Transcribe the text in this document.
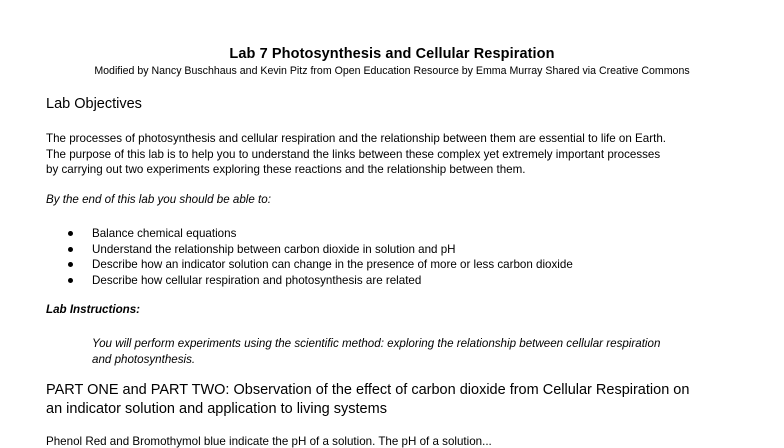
Lab 7 Photosynthesis and Cellular Respiration
Modified by Nancy Buschhaus and Kevin Pitz from Open Education Resource by Emma Murray Shared via Creative Commons
Lab Objectives
The processes of photosynthesis and cellular respiration and the relationship between them are essential to life on Earth.
The purpose of this lab is to help you to understand the links between these complex yet extremely important processes
by carrying out two experiments exploring these reactions and the relationship between them.
By the end of this lab you should be able to:
Balance chemical equations
Understand the relationship between carbon dioxide in solution and pH
Describe how an indicator solution can change in the presence of more or less carbon dioxide
Describe how cellular respiration and photosynthesis are related
Lab Instructions:
You will perform experiments using the scientific method: exploring the relationship between cellular respiration
and photosynthesis.
PART ONE and PART TWO: Observation of the effect of carbon dioxide from Cellular Respiration on
an indicator solution and application to living systems
Phenol Red and Bromothymol blue indicate the pH of a solution. The pH of a solution...
